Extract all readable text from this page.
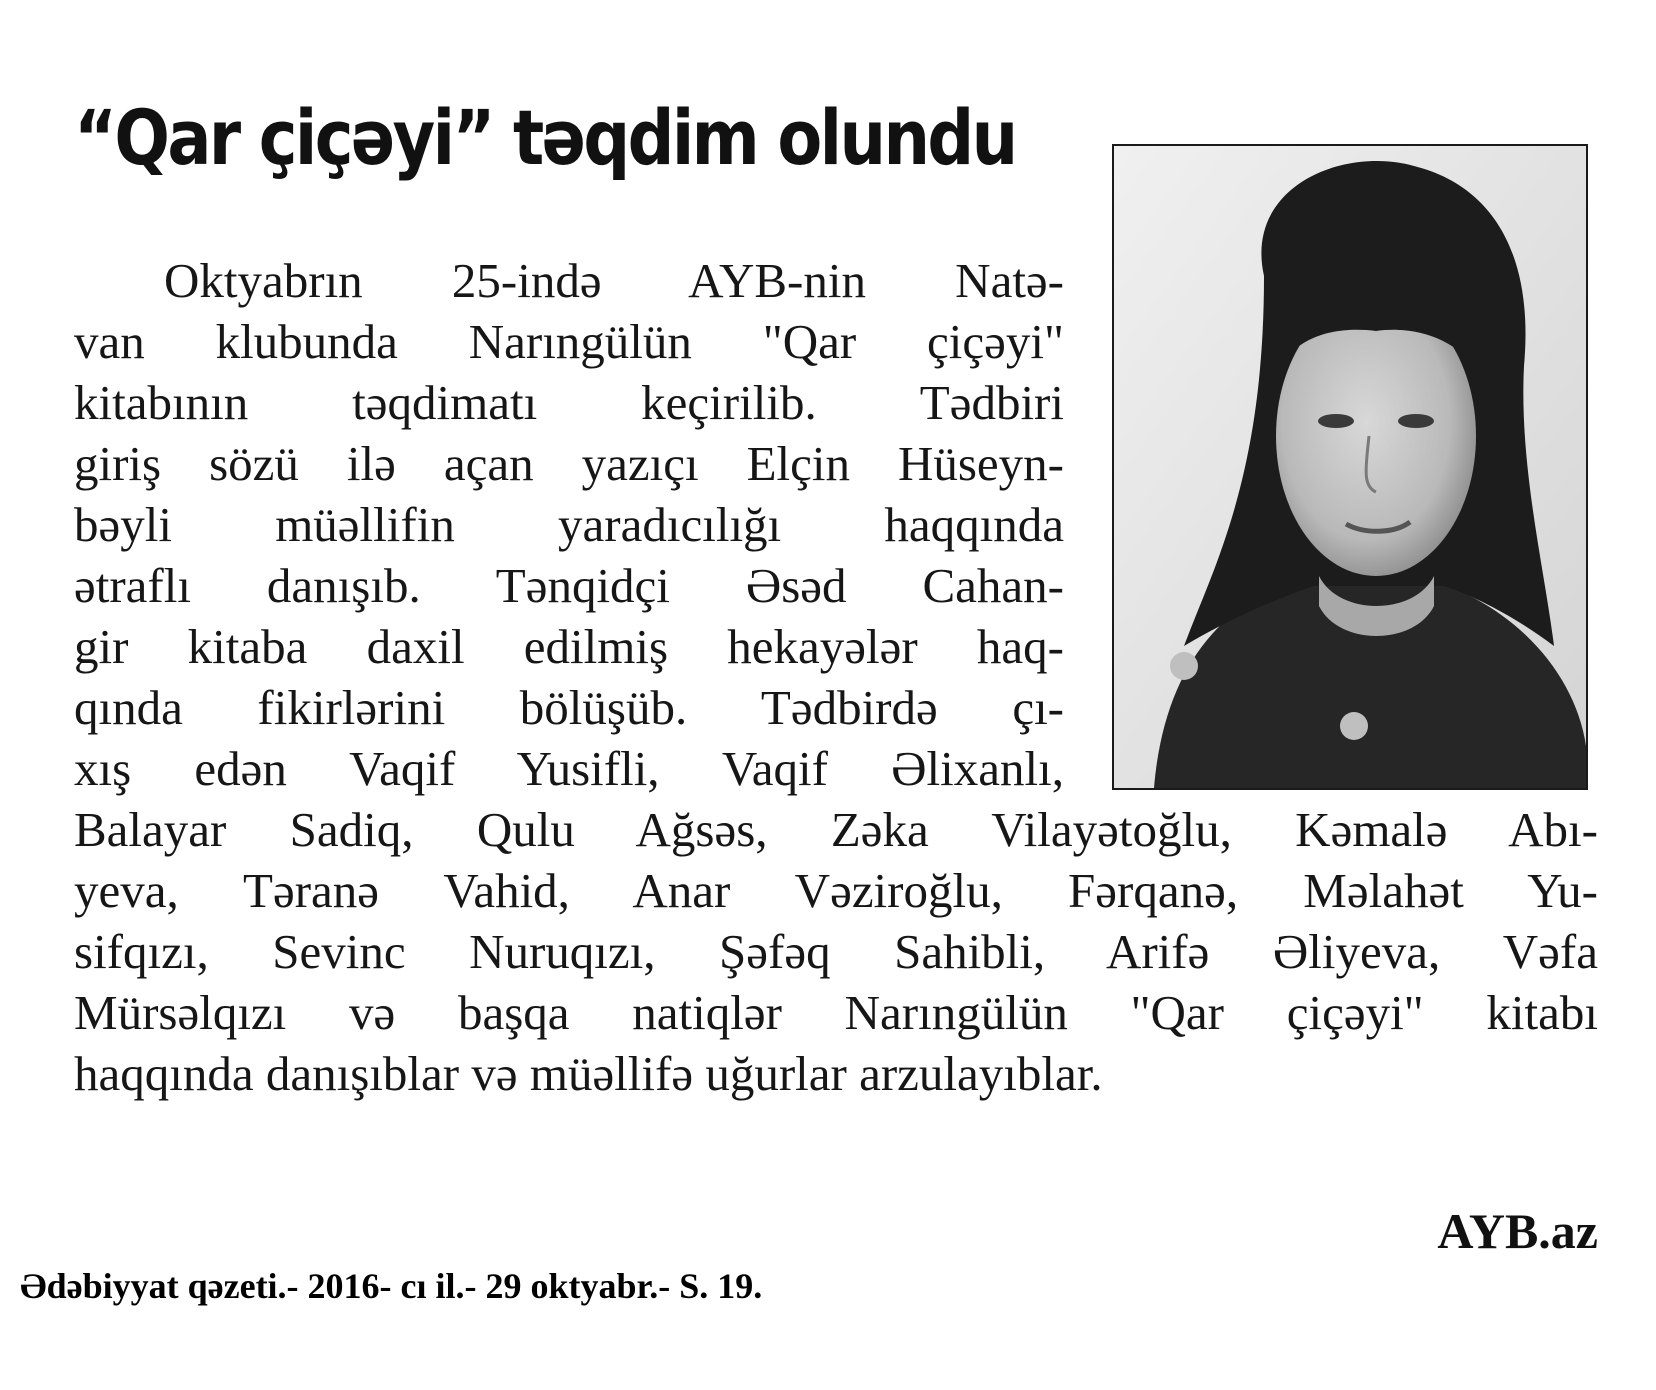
“Qar çiçəyi” təqdim olundu
Oktyabrın 25-ində AYB-nin Natə-
van klubunda Narıngülün "Qar çiçəyi"
kitabının təqdimatı keçirilib. Tədbiri
giriş sözü ilə açan yazıçı Elçin Hüseyn-
bəyli müəllifin yaradıcılığı haqqında
ətraflı danışıb. Tənqidçi Əsəd Cahan-
gir kitaba daxil edilmiş hekayələr haq-
qında fikirlərini bölüşüb. Tədbirdə çı-
xış edən Vaqif Yusifli, Vaqif Əlixanlı,
Balayar Sadiq, Qulu Ağsəs, Zəka Vilayətoğlu, Kəmalə Abı-
yeva, Təranə Vahid, Anar Vəziroğlu, Fərqanə, Məlahət Yu-
sifqızı, Sevinc Nuruqızı, Şəfəq Sahibli, Arifə Əliyeva, Vəfa
Mürsəlqızı və başqa natiqlər Narıngülün "Qar çiçəyi" kitabı
haqqında danışıblar və müəllifə uğurlar arzulayıblar.

AYB.az

Ədəbiyyat qəzeti.- 2016- cı il.- 29 oktyabr.- S. 19.
